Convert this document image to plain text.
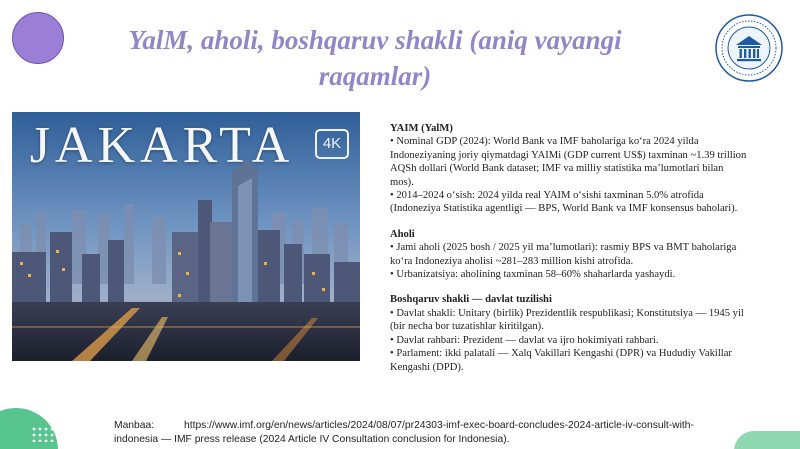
YalM, aholi, boshqaruv shakli (aniq vayangi raqamlar)
JAKARTA	4K

YAIM (YalM)

• Nominal GDP (2024): World Bank va IMF baholariga ko‘ra 2024 yilda Indoneziyaning joriy qiymatdagi YAIMi (GDP current US$) taxminan ~1.39 trillion AQSh dollari (World Bank dataset; IMF va milliy statistika ma’lumotlari bilan mos).

• 2014–2024 o‘sish: 2024 yilda real YAIM o‘sishi taxminan 5.0% atrofida (Indoneziya Statistika agentligi — BPS, World Bank va IMF konsensus baholari).

Aholi

• Jami aholi (2025 bosh / 2025 yil ma’lumotlari): rasmiy BPS va BMT baholariga ko‘ra Indoneziya aholisi ~281–283 million kishi atrofida.

• Urbanizatsiya: aholining taxminan 58–60% shaharlarda yashaydi.

Boshqaruv shakli — davlat tuzilishi

• Davlat shakli: Unitary (birlik) Prezidentlik respublikasi; Konstitutsiya — 1945 yil (bir necha bor tuzatishlar kiritilgan).

• Davlat rahbari: Prezident — davlat va ijro hokimiyati rahbari.

• Parlament: ikki palatali — Xalq Vakillari Kengashi (DPR) va Hududiy Vakillar Kengashi (DPD).

Manbaa:	https://www.imf.org/en/news/articles/2024/08/07/pr24303-imf-exec-board-concludes-2024-article-iv-consult-with-indonesia — IMF press release (2024 Article IV Consultation conclusion for Indonesia).
